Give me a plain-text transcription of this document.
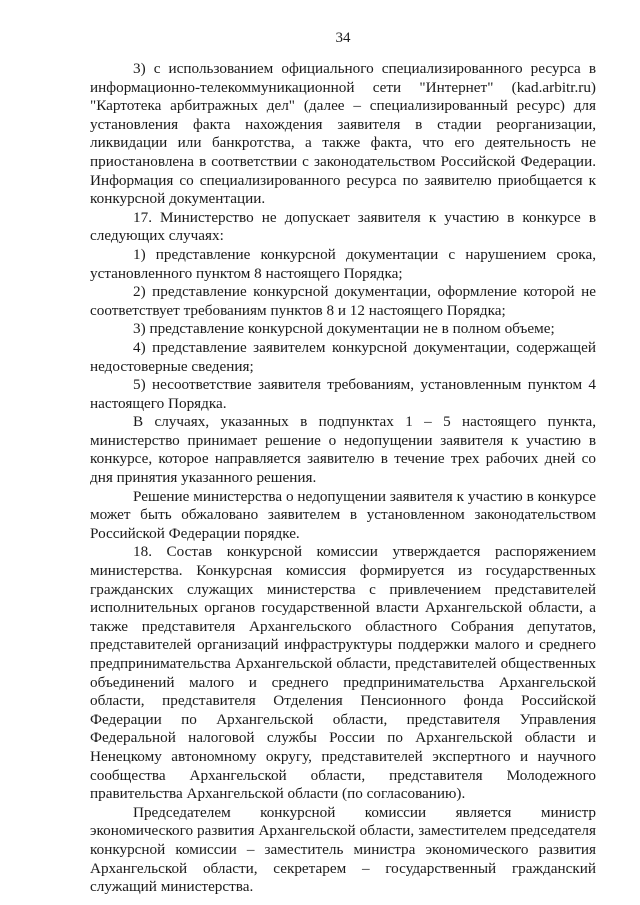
34

3) с использованием официального специализированного ресурса в информационно-телекоммуникационной сети "Интернет" (kad.arbitr.ru) "Картотека арбитражных дел" (далее – специализированный ресурс) для установления факта нахождения заявителя в стадии реорганизации, ликвидации или банкротства, а также факта, что его деятельность не приостановлена в соответствии с законодательством Российской Федерации. Информация со специализированного ресурса по заявителю приобщается к конкурсной документации.

17. Министерство не допускает заявителя к участию в конкурсе в следующих случаях:

1) представление конкурсной документации с нарушением срока, установленного пунктом 8 настоящего Порядка;

2) представление конкурсной документации, оформление которой не соответствует требованиям пунктов 8 и 12 настоящего Порядка;

3) представление конкурсной документации не в полном объеме;

4) представление заявителем конкурсной документации, содержащей недостоверные сведения;

5) несоответствие заявителя требованиям, установленным пунктом 4 настоящего Порядка.

В случаях, указанных в подпунктах 1 – 5 настоящего пункта, министерство принимает решение о недопущении заявителя к участию в конкурсе, которое направляется заявителю в течение трех рабочих дней со дня принятия указанного решения.

Решение министерства о недопущении заявителя к участию в конкурсе может быть обжаловано заявителем в установленном законодательством Российской Федерации порядке.

18. Состав конкурсной комиссии утверждается распоряжением министерства. Конкурсная комиссия формируется из государственных гражданских служащих министерства с привлечением представителей исполнительных органов государственной власти Архангельской области, а также представителя Архангельского областного Собрания депутатов, представителей организаций инфраструктуры поддержки малого и среднего предпринимательства Архангельской области, представителей общественных объединений малого и среднего предпринимательства Архангельской области, представителя Отделения Пенсионного фонда Российской Федерации по Архангельской области, представителя Управления Федеральной налоговой службы России по Архангельской области и Ненецкому автономному округу, представителей экспертного и научного сообщества Архангельской области, представителя Молодежного правительства Архангельской области (по согласованию).

Председателем конкурсной комиссии является министр экономического развития Архангельской области, заместителем председателя конкурсной комиссии – заместитель министра экономического развития Архангельской области, секретарем – государственный гражданский служащий министерства.
